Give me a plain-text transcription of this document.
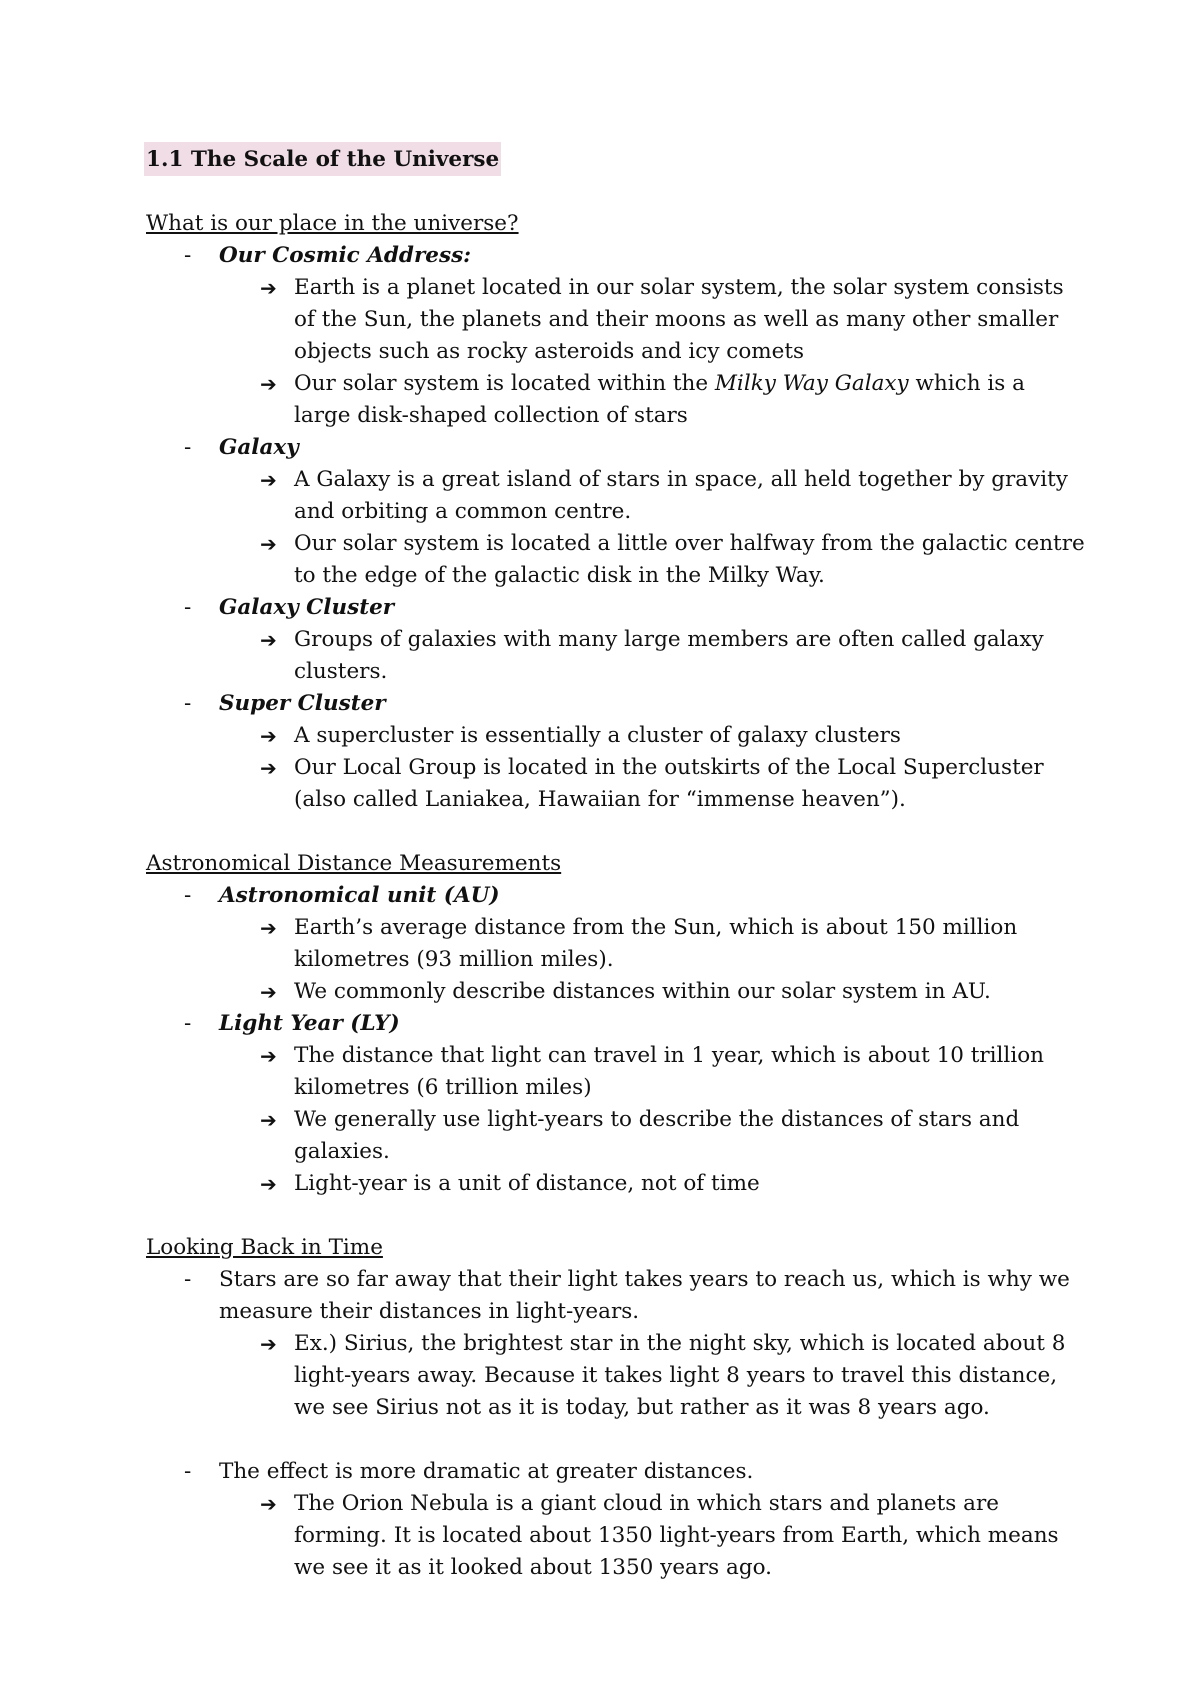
1.1 The Scale of the Universe
What is our place in the universe?
-	Our Cosmic Address:
➔ Earth is a planet located in our solar system, the solar system consists of the Sun, the planets and their moons as well as many other smaller objects such as rocky asteroids and icy comets
➔ Our solar system is located within the Milky Way Galaxy which is a large disk-shaped collection of stars
-	Galaxy
➔ A Galaxy is a great island of stars in space, all held together by gravity and orbiting a common centre.
➔ Our solar system is located a little over halfway from the galactic centre to the edge of the galactic disk in the Milky Way.
-	Galaxy Cluster
➔ Groups of galaxies with many large members are often called galaxy clusters.
-	Super Cluster
➔ A supercluster is essentially a cluster of galaxy clusters
➔ Our Local Group is located in the outskirts of the Local Supercluster (also called Laniakea, Hawaiian for “immense heaven”).
Astronomical Distance Measurements
-	Astronomical unit (AU)
➔ Earth’s average distance from the Sun, which is about 150 million kilometres (93 million miles).
➔ We commonly describe distances within our solar system in AU.
-	Light Year (LY)
➔ The distance that light can travel in 1 year, which is about 10 trillion kilometres (6 trillion miles)
➔ We generally use light-years to describe the distances of stars and galaxies.
➔ Light-year is a unit of distance, not of time
Looking Back in Time
-	Stars are so far away that their light takes years to reach us, which is why we measure their distances in light-years.
➔ Ex.) Sirius, the brightest star in the night sky, which is located about 8 light-years away. Because it takes light 8 years to travel this distance, we see Sirius not as it is today, but rather as it was 8 years ago.
-	The effect is more dramatic at greater distances.
➔ The Orion Nebula is a giant cloud in which stars and planets are forming. It is located about 1350 light-years from Earth, which means we see it as it looked about 1350 years ago.
